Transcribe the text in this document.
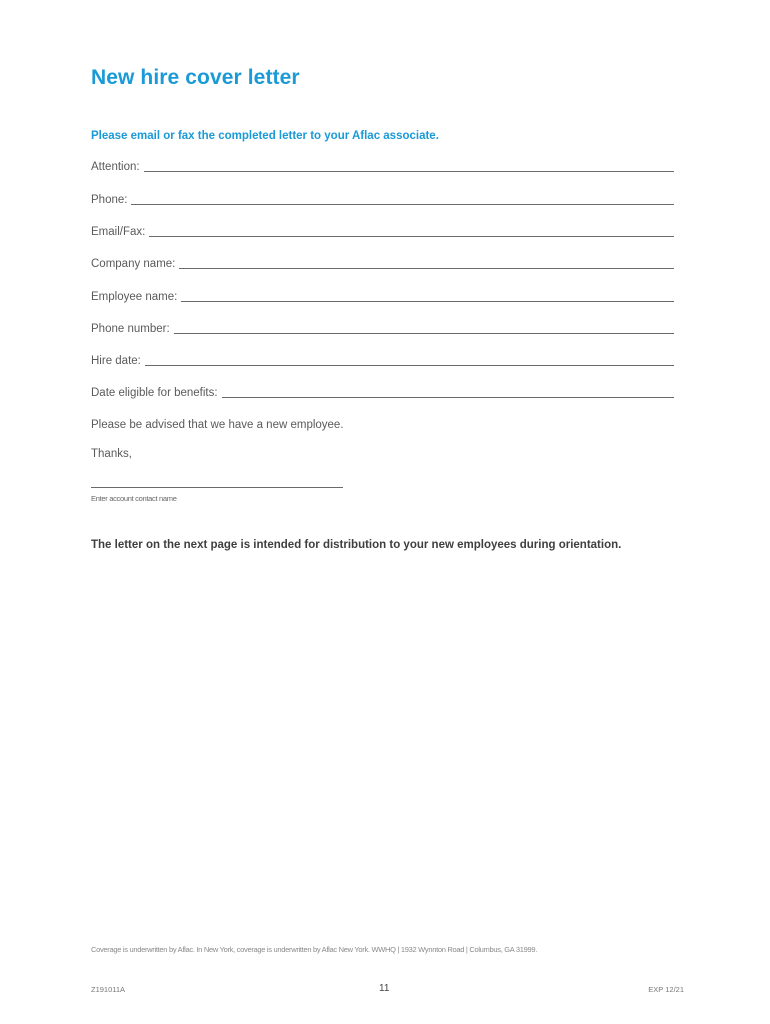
New hire cover letter
Please email or fax the completed letter to your Aflac associate.
Attention:
Phone:
Email/Fax:
Company name:
Employee name:
Phone number:
Hire date:
Date eligible for benefits:
Please be advised that we have a new employee.
Thanks,
Enter account contact name
The letter on the next page is intended for distribution to your new employees during orientation.
Coverage is underwritten by Aflac. In New York, coverage is underwritten by Aflac New York. WWHQ | 1932 Wynnton Road | Columbus, GA 31999.
Z191011A	11	EXP 12/21
